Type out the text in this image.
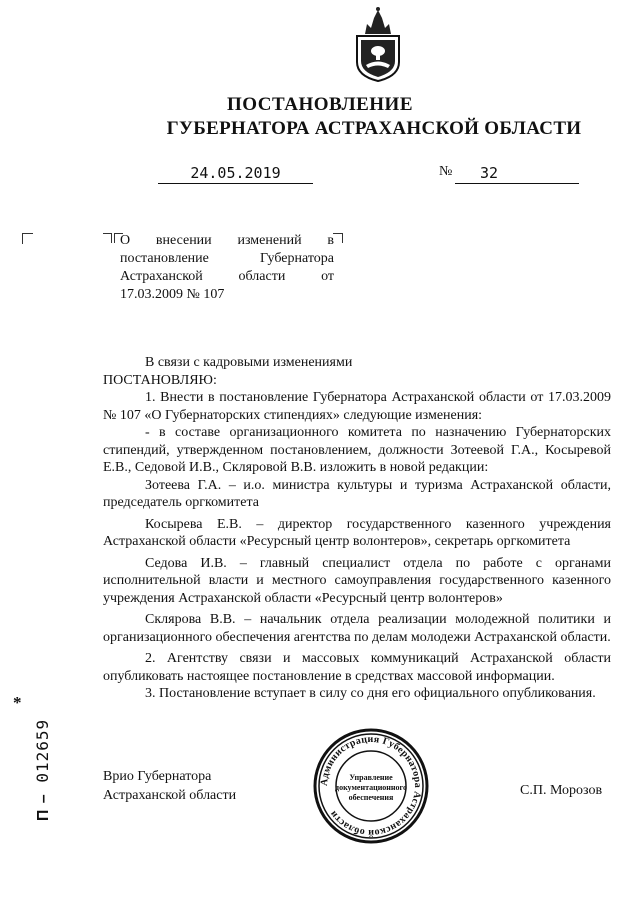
ПОСТАНОВЛЕНИЕ
ГУБЕРНАТОРА АСТРАХАНСКОЙ ОБЛАСТИ
24.05.2019	№	32
О внесении изменений в постановление Губернатора Астраханской области от 17.03.2009 № 107

В связи с кадровыми изменениями

ПОСТАНОВЛЯЮ:

1. Внести в постановление Губернатора Астраханской области от 17.03.2009 № 107 «О Губернаторских стипендиях» следующие изменения:

- в составе организационного комитета по назначению Губернаторских стипендий, утвержденном постановлением, должности Зотеевой Г.А., Косыревой Е.В., Седовой И.В., Скляровой В.В. изложить в новой редакции:

Зотеева Г.А. – и.о. министра культуры и туризма Астраханской области, председатель оргкомитета

Косырева Е.В. – директор государственного казенного учреждения Астраханской области «Ресурсный центр волонтеров», секретарь оргкомитета

Седова И.В. – главный специалист отдела по работе с органами исполнительной власти и местного самоуправления государственного казенного учреждения Астраханской области «Ресурсный центр волонтеров»

Склярова В.В. – начальник отдела реализации молодежной политики и организационного обеспечения агентства по делам молодежи Астраханской области.

2. Агентству связи и массовых коммуникаций Астраханской области опубликовать настоящее постановление в средствах массовой информации.

3. Постановление вступает в силу со дня его официального опубликования.

Врио Губернатора
Астраханской области	С.П. Морозов
Администрация Губернатора Астраханской области
Управление
документационного
обеспечения
*
П – 012659
